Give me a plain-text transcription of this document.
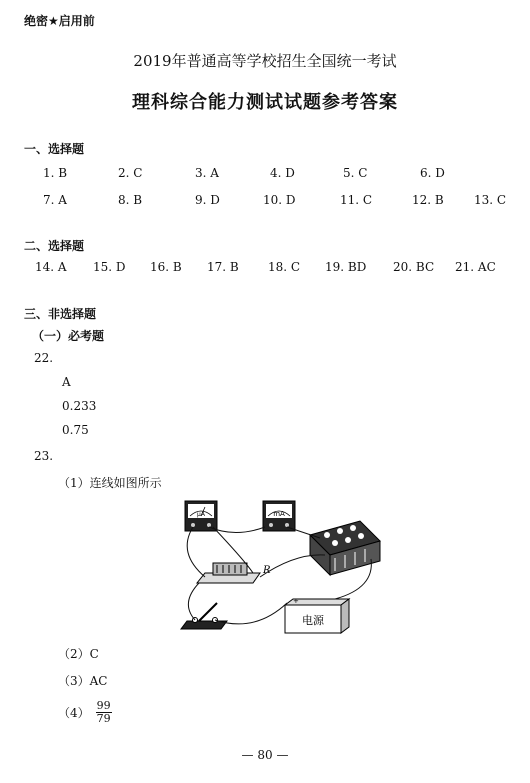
绝密★启用前
2019年普通高等学校招生全国统一考试
理科综合能力测试试题参考答案
一、选择题
1. B	2. C	3. A	4. D	5. C	6. D
7. A	8. B	9. D	10. D	11. C	12. B	13. C
二、选择题
14. A 15. D 16. B 17. B 18. C 19. BD 20. BC 21. AC
三、非选择题
（一）必考题
22.
A
0.233
0.75
23.
（1）连线如图所示
μA	mA
R
电源
+
（2）C
（3）AC
$(4) \frac{99}{79}$
— 80 —
